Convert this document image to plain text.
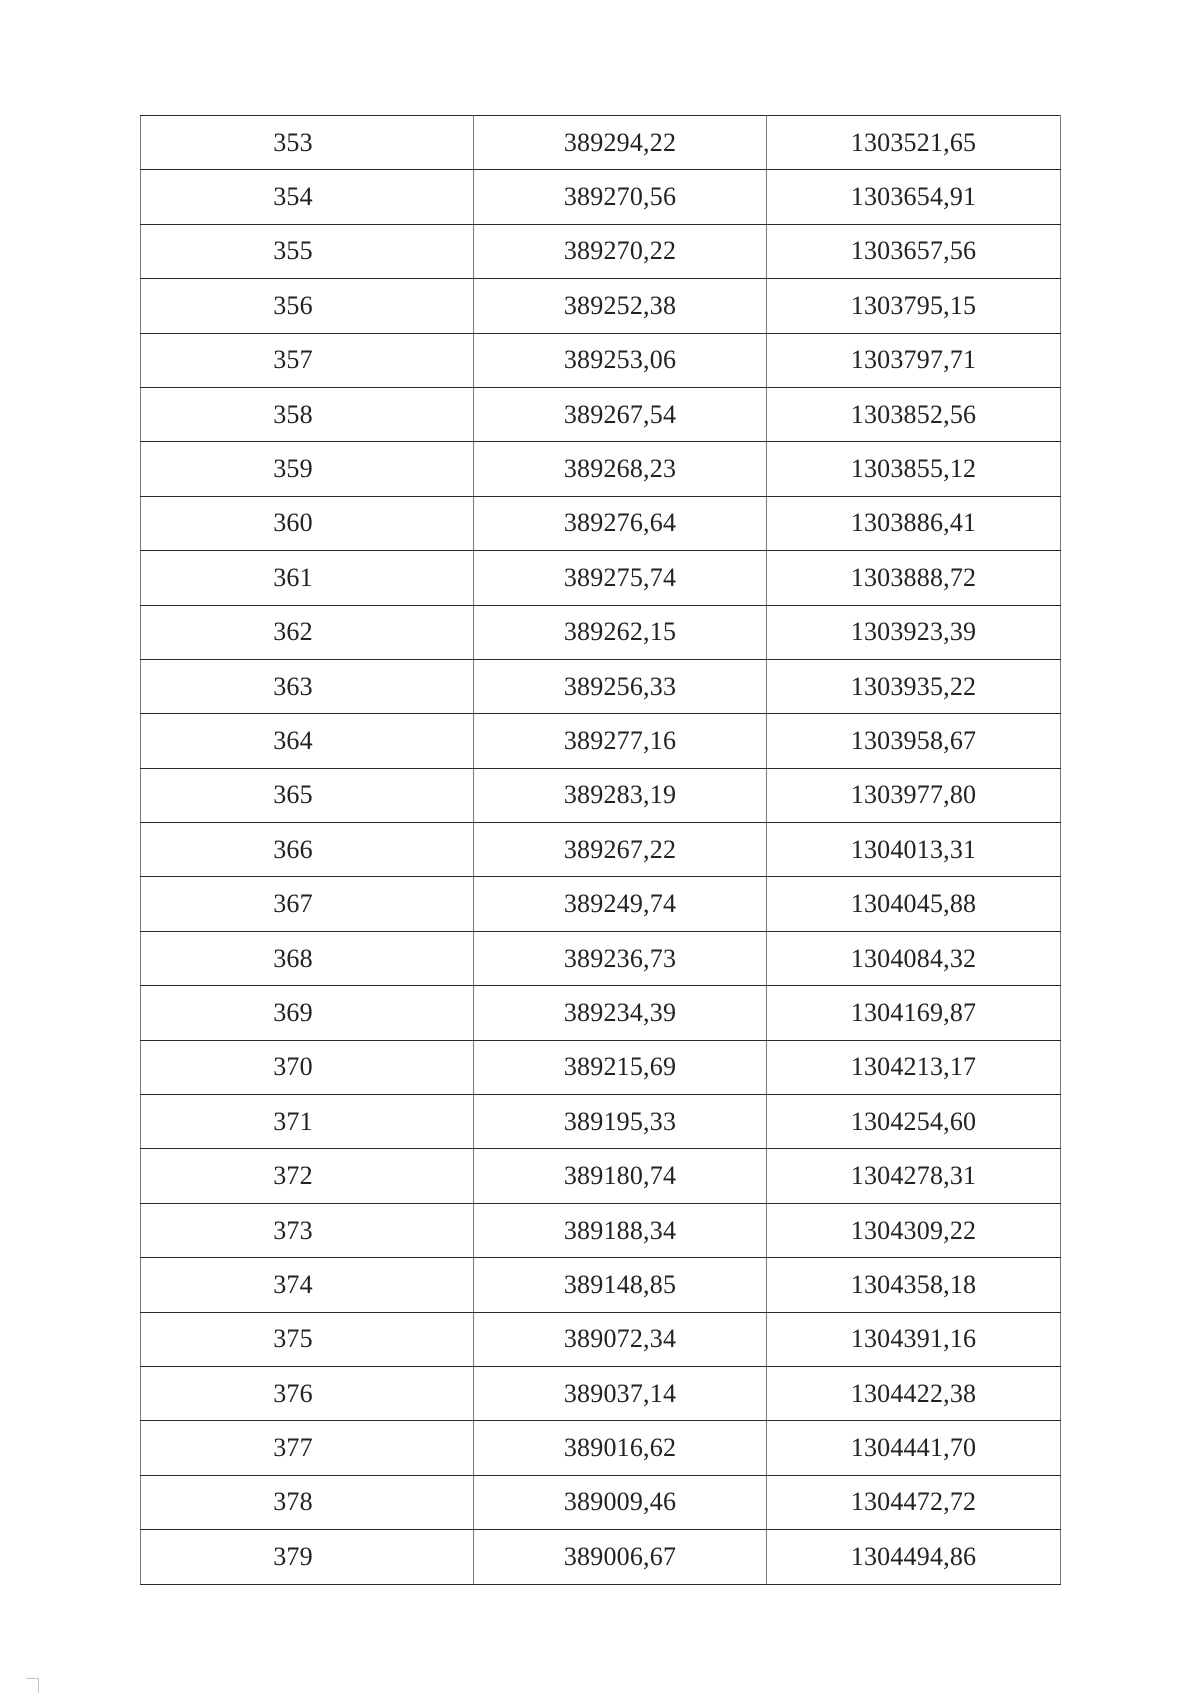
353	389294,22	1303521,65
354	389270,56	1303654,91
355	389270,22	1303657,56
356	389252,38	1303795,15
357	389253,06	1303797,71
358	389267,54	1303852,56
359	389268,23	1303855,12
360	389276,64	1303886,41
361	389275,74	1303888,72
362	389262,15	1303923,39
363	389256,33	1303935,22
364	389277,16	1303958,67
365	389283,19	1303977,80
366	389267,22	1304013,31
367	389249,74	1304045,88
368	389236,73	1304084,32
369	389234,39	1304169,87
370	389215,69	1304213,17
371	389195,33	1304254,60
372	389180,74	1304278,31
373	389188,34	1304309,22
374	389148,85	1304358,18
375	389072,34	1304391,16
376	389037,14	1304422,38
377	389016,62	1304441,70
378	389009,46	1304472,72
379	389006,67	1304494,86
